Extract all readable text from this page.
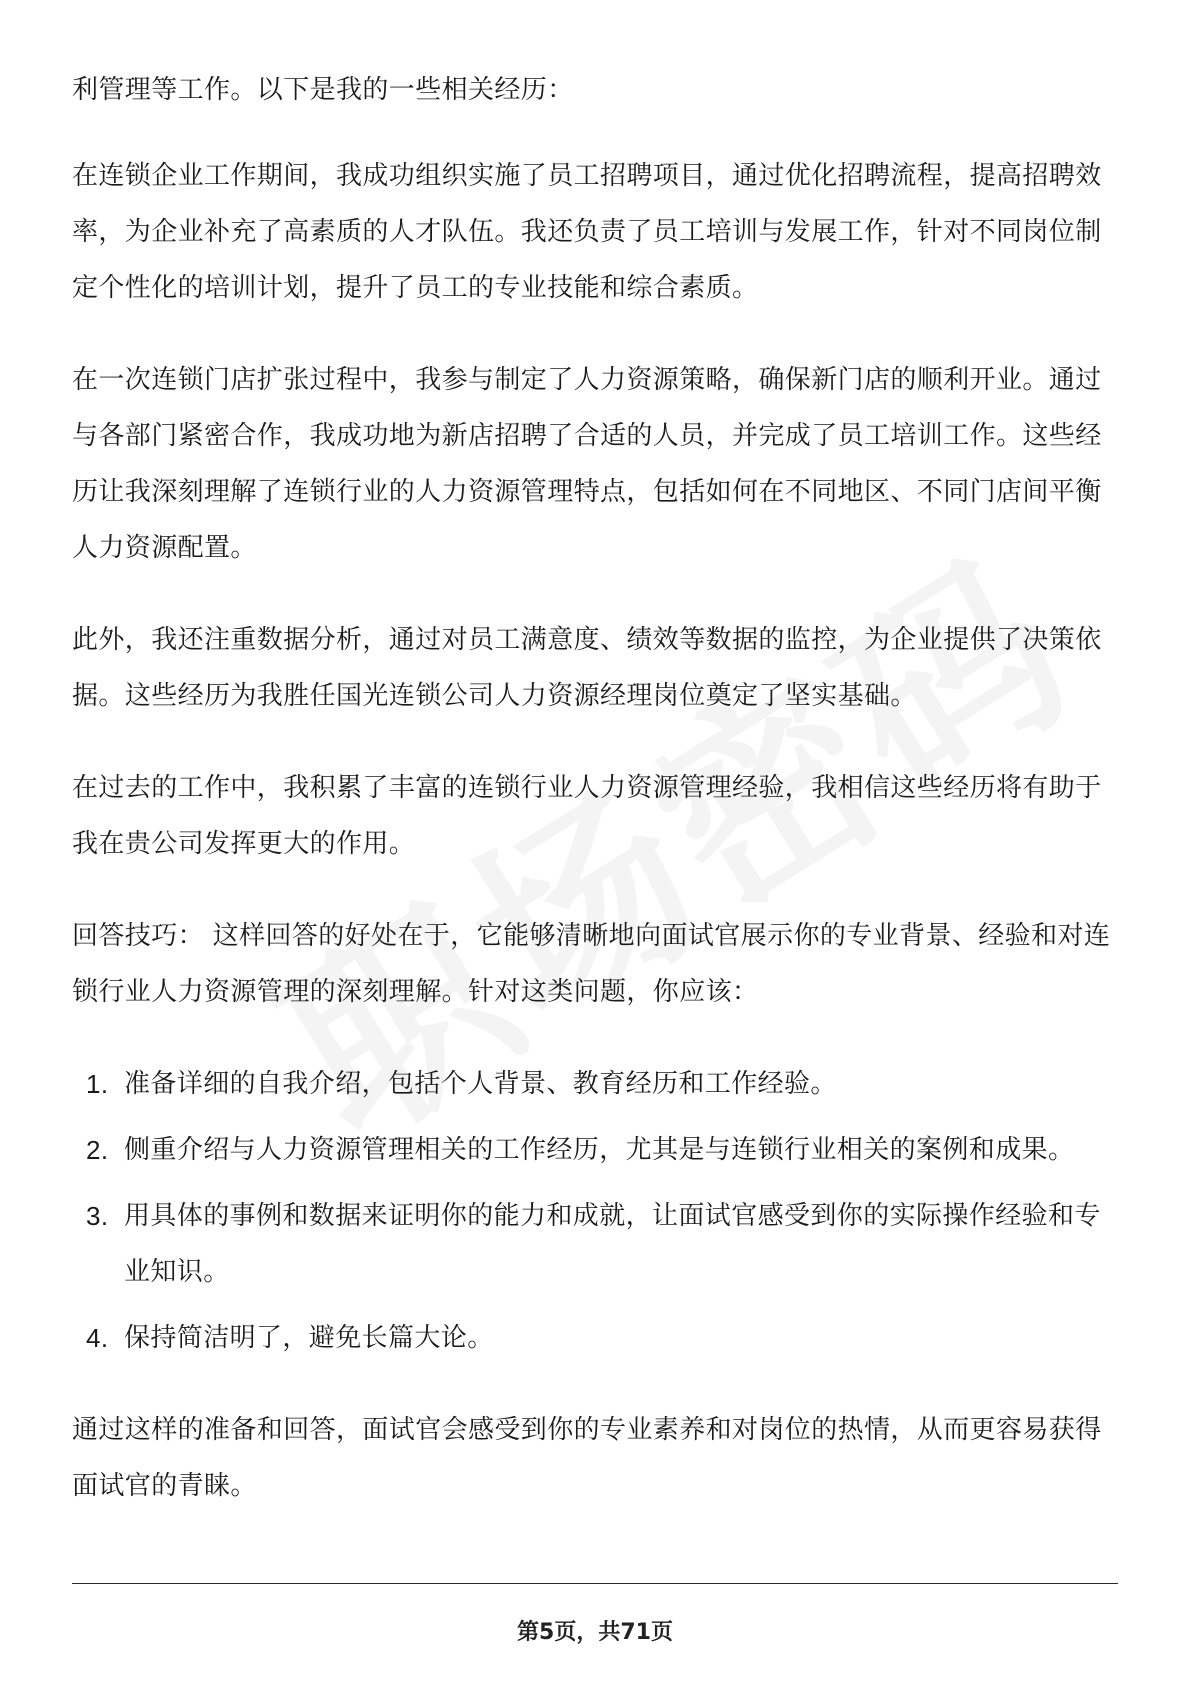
利管理等工作。以下是我的一些相关经历：

在连锁企业工作期间，我成功组织实施了员工招聘项目，通过优化招聘流程，提高招聘效率，为企业补充了高素质的人才队伍。我还负责了员工培训与发展工作，针对不同岗位制定个性化的培训计划，提升了员工的专业技能和综合素质。

在一次连锁门店扩张过程中，我参与制定了人力资源策略，确保新门店的顺利开业。通过与各部门紧密合作，我成功地为新店招聘了合适的人员，并完成了员工培训工作。这些经历让我深刻理解了连锁行业的人力资源管理特点，包括如何在不同地区、不同门店间平衡人力资源配置。

此外，我还注重数据分析，通过对员工满意度、绩效等数据的监控，为企业提供了决策依据。这些经历为我胜任国光连锁公司人力资源经理岗位奠定了坚实基础。

在过去的工作中，我积累了丰富的连锁行业人力资源管理经验，我相信这些经历将有助于我在贵公司发挥更大的作用。

回答技巧： 这样回答的好处在于，它能够清晰地向面试官展示你的专业背景、经验和对连锁行业人力资源管理的深刻理解。针对这类问题，你应该：

1. 准备详细的自我介绍，包括个人背景、教育经历和工作经验。
2. 侧重介绍与人力资源管理相关的工作经历，尤其是与连锁行业相关的案例和成果。
3. 用具体的事例和数据来证明你的能力和成就，让面试官感受到你的实际操作经验和专业知识。
4. 保持简洁明了，避免长篇大论。

通过这样的准备和回答，面试官会感受到你的专业素养和对岗位的热情，从而更容易获得面试官的青睐。

第5页，共71页
